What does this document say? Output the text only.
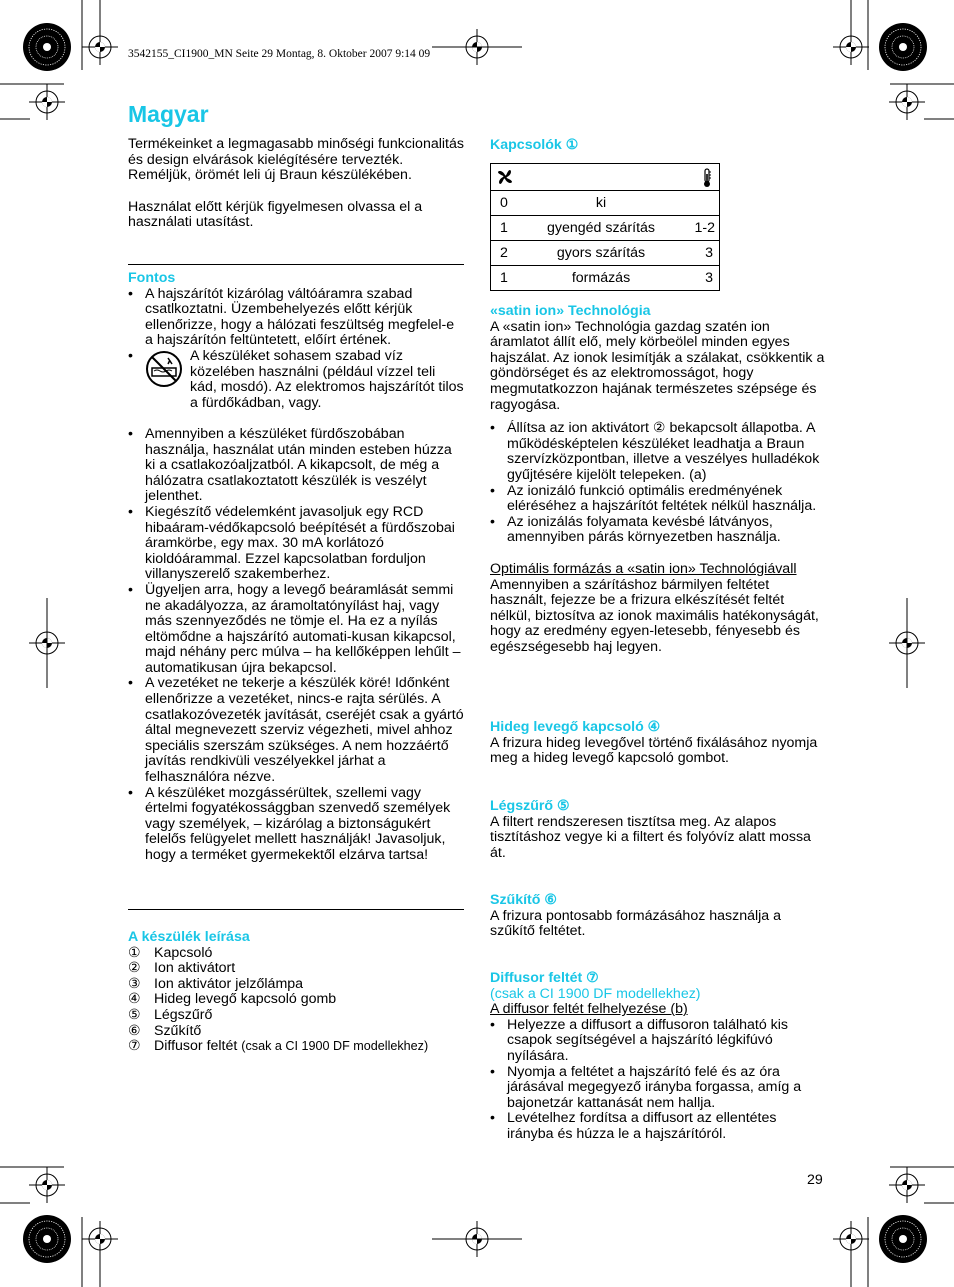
3542155_CI1900_MN Seite 29 Montag, 8. Oktober 2007 9:14 09
Magyar

Termékeinket a legmagasabb minőségi funkcionalitás és design elvárások kielégítésére tervezték. Reméljük, örömét leli új Braun készülékében.

Használat előtt kérjük figyelmesen olvassa el a használati utasítást.

Fontos
• A hajszárítót kizárólag váltóáramra szabad csatlkoztatni. Üzembehelyezés előtt kérjük ellenőrizze, hogy a hálózati feszültség megfelel-e a hajszárítón feltüntetett, előírt értének.
• A készüléket sohasem szabad víz közelében használni (például vízzel teli kád, mosdó). Az elektromos hajszárítót tilos a fürdőkádban, vagy.
• Amennyiben a készüléket fürdőszobában használja, használat után minden esteben húzza ki a csatlakozóaljzatból. A kikapcsolt, de még a hálózatra csatlakoztatott készülék is veszélyt jelenthet.
• Kiegészítő védelemként javasoljuk egy RCD hibaáram-védőkapcsoló beépítését a fürdőszobai áramkörbe, egy max. 30 mA korlátozó kioldóárammal. Ezzel kapcsolatban forduljon villanyszerelő szakemberhez.
• Ügyeljen arra, hogy a levegő beáramlását semmi ne akadályozza, az áramoltatónyílást haj, vagy más szennyeződés ne tömje el. Ha ez a nyílás eltömődne a hajszárító automati-kusan kikapcsol, majd néhány perc múlva – ha kellőképpen lehűlt – automatikusan újra bekapcsol.
• A vezetéket ne tekerje a készülék köré! Időnként ellenőrizze a vezetéket, nincs-e rajta sérülés. A csatlakozóvezeték javítását, cseréjét csak a gyártó által megnevezett szerviz végezheti, mivel ahhoz speciális szerszám szükséges. A nem hozzáértő javítás rendkivüli veszélyekkel járhat a felhasználóra nézve.
• A készüléket mozgássérültek, szellemi vagy értelmi fogyatékossággban szenvedő személyek vagy személyek, – kizárólag a biztonságukért felelős felügyelet mellett használják! Javasoljuk, hogy a terméket gyermekektől elzárva tartsa!
A készülék leírása
① Kapcsoló
② Ion aktivátort
③ Ion aktivátor jelzőlámpa
④ Hideg levegő kapcsoló gomb
⑤ Légszűrő
⑥ Szűkítő
⑦ Diffusor feltét (csak a CI 1900 DF modellekhez)
Kapcsolók ①

0	ki	
1	gyengéd szárítás	1-2
2	gyors szárítás	3
1	formázás	3
«satin ion» Technológia

A «satin ion» Technológia gazdag szatén ion áramlatot állít elő, mely körbeölel minden egyes hajszálat. Az ionok lesimítják a szálakat, csökkentik a göndörséget és az elektromosságot, hogy megmutatkozzon hajának természetes szépsége és ragyogása.

• Állítsa az ion aktivátort ② bekapcsolt állapotba. A működésképtelen készüléket leadhatja a Braun szervízközpontban, illetve a veszélyes hulladékok gyűjtésére kijelölt telepeken. (a)
• Az ionizáló funkció optimális eredményének eléréséhez a hajszárítót feltétek nélkül használja.
• Az ionizálás folyamata kevésbé látványos, amennyiben párás környezetben használja.
Optimális formázás a «satin ion» Technológiávall

Amennyiben a szárításhoz bármilyen feltétet használt, fejezze be a frizura elkészítését feltét nélkül, biztosítva az ionok maximális hatékonyságát, hogy az eredmény egyen-letesebb, fényesebb és egészségesebb haj legyen.

Hideg levegő kapcsoló ④

A frizura hideg levegővel történő fixálásához nyomja meg a hideg levegő kapcsoló gombot.

Légszűrő ⑤

A filtert rendszeresen tisztítsa meg. Az alapos tisztításhoz vegye ki a filtert és folyóvíz alatt mossa át.

Szűkítő ⑥

A frizura pontosabb formázásához használja a szűkítő feltétet.

Diffusor feltét ⑦
(csak a CI 1900 DF modellekhez)
A diffusor feltét felhelyezése (b)
• Helyezze a diffusort a diffusoron található kis csapok segítségével a hajszárító légkifúvó nyílására.
• Nyomja a feltétet a hajszárító felé és az óra járásával megegyező irányba forgassa, amíg a bajonetzár kattanását nem hallja.
• Levételhez fordítsa a diffusort az ellentétes irányba és húzza le a hajszárítóról.
29
